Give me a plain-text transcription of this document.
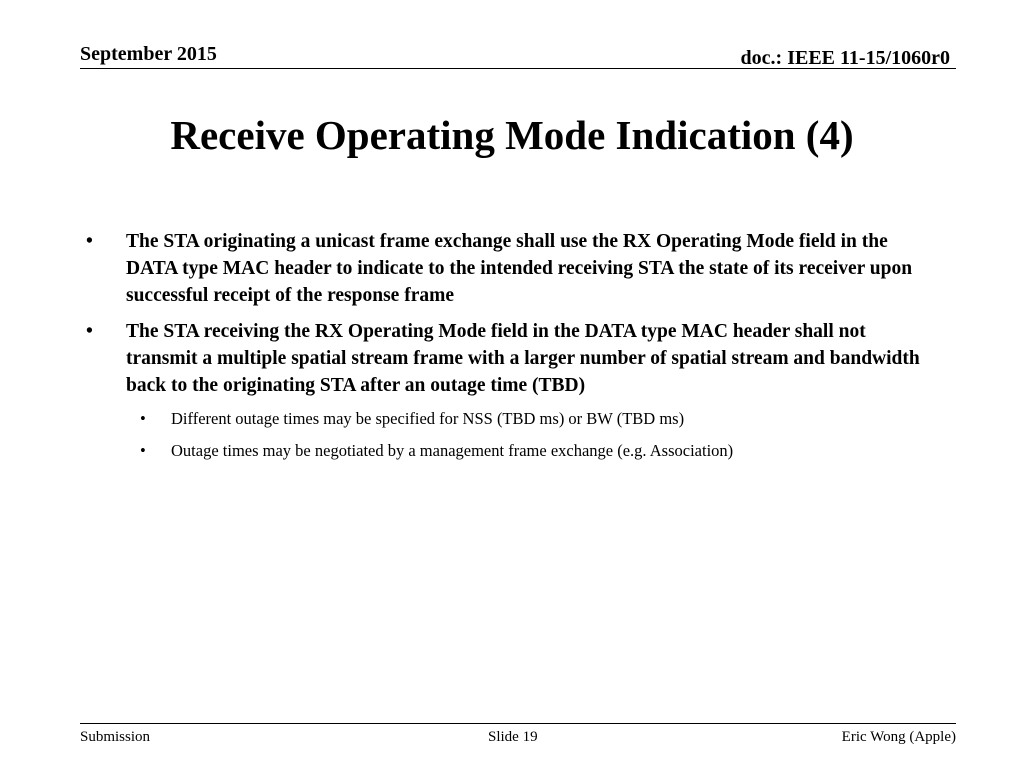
September 2015	doc.: IEEE 11-15/1060r0
Receive Operating Mode Indication (4)
• The STA originating a unicast frame exchange shall use the RX Operating Mode field in the DATA type MAC header to indicate to the intended receiving STA the state of its receiver upon successful receipt of the response frame
• The STA receiving the RX Operating Mode field in the DATA type MAC header shall not transmit a multiple spatial stream frame with a larger number of spatial stream and bandwidth back to the originating STA after an outage time (TBD)
• Different outage times may be specified for NSS (TBD ms) or BW (TBD ms)
• Outage times may be negotiated by a management frame exchange (e.g. Association)
Submission	Slide 19	Eric Wong (Apple)
